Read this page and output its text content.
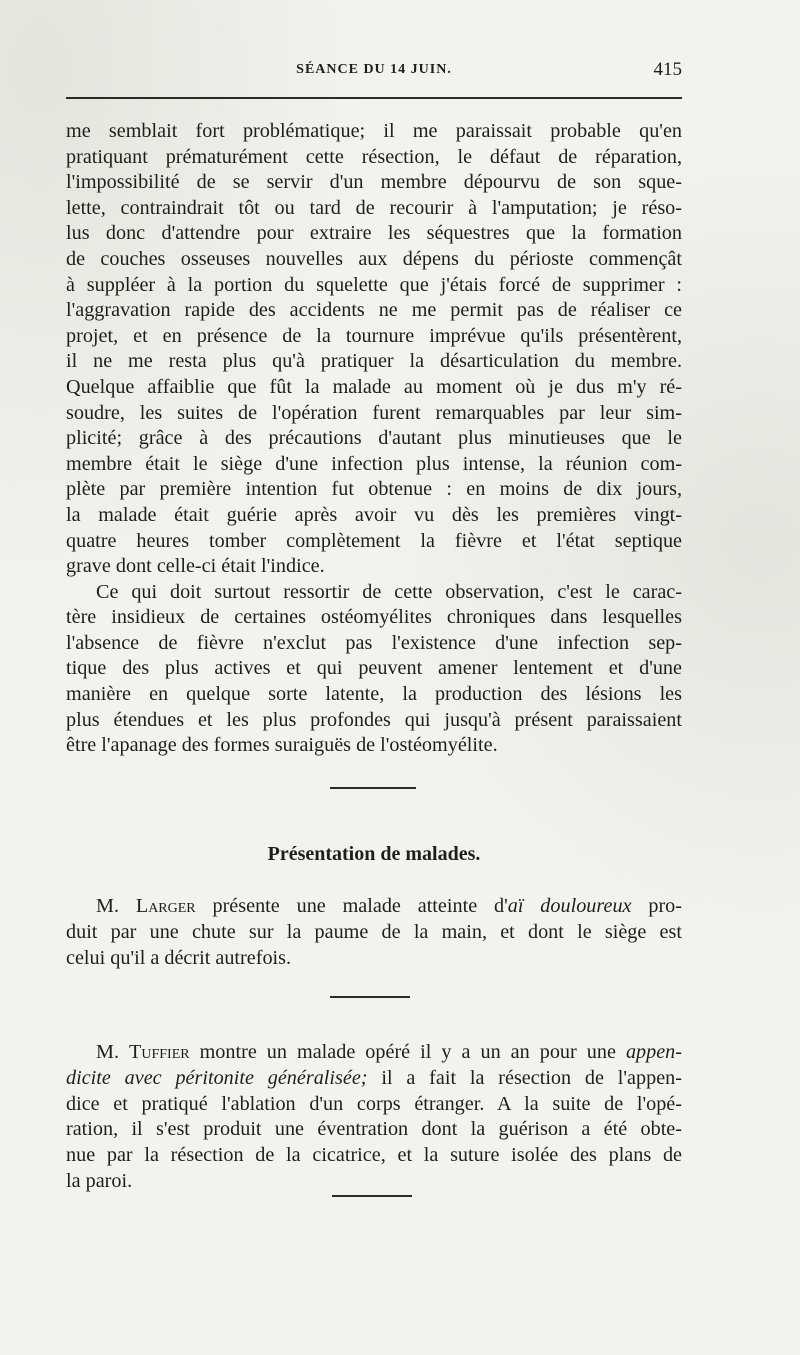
SÉANCE DU 14 JUIN.	415
me semblait fort problématique; il me paraissait probable qu'en
pratiquant prématurément cette résection, le défaut de réparation,
l'impossibilité de se servir d'un membre dépourvu de son sque-
lette, contraindrait tôt ou tard de recourir à l'amputation; je réso-
lus donc d'attendre pour extraire les séquestres que la formation
de couches osseuses nouvelles aux dépens du périoste commençât
à suppléer à la portion du squelette que j'étais forcé de supprimer :
l'aggravation rapide des accidents ne me permit pas de réaliser ce
projet, et en présence de la tournure imprévue qu'ils présentèrent,
il ne me resta plus qu'à pratiquer la désarticulation du membre.
Quelque affaiblie que fût la malade au moment où je dus m'y ré-
soudre, les suites de l'opération furent remarquables par leur sim-
plicité; grâce à des précautions d'autant plus minutieuses que le
membre était le siège d'une infection plus intense, la réunion com-
plète par première intention fut obtenue : en moins de dix jours,
la malade était guérie après avoir vu dès les premières vingt-
quatre heures tomber complètement la fièvre et l'état septique
grave dont celle-ci était l'indice.
Ce qui doit surtout ressortir de cette observation, c'est le carac-
tère insidieux de certaines ostéomyélites chroniques dans lesquelles
l'absence de fièvre n'exclut pas l'existence d'une infection sep-
tique des plus actives et qui peuvent amener lentement et d'une
manière en quelque sorte latente, la production des lésions les
plus étendues et les plus profondes qui jusqu'à présent paraissaient
être l'apanage des formes suraiguës de l'ostéomyélite.
Présentation de malades.
M. Larger présente une malade atteinte d'aï douloureux pro-
duit par une chute sur la paume de la main, et dont le siège est
celui qu'il a décrit autrefois.
M. Tuffier montre un malade opéré il y a un an pour une appen-
dicite avec péritonite généralisée; il a fait la résection de l'appen-
dice et pratiqué l'ablation d'un corps étranger. A la suite de l'opé-
ration, il s'est produit une éventration dont la guérison a été obte-
nue par la résection de la cicatrice, et la suture isolée des plans de
la paroi.
